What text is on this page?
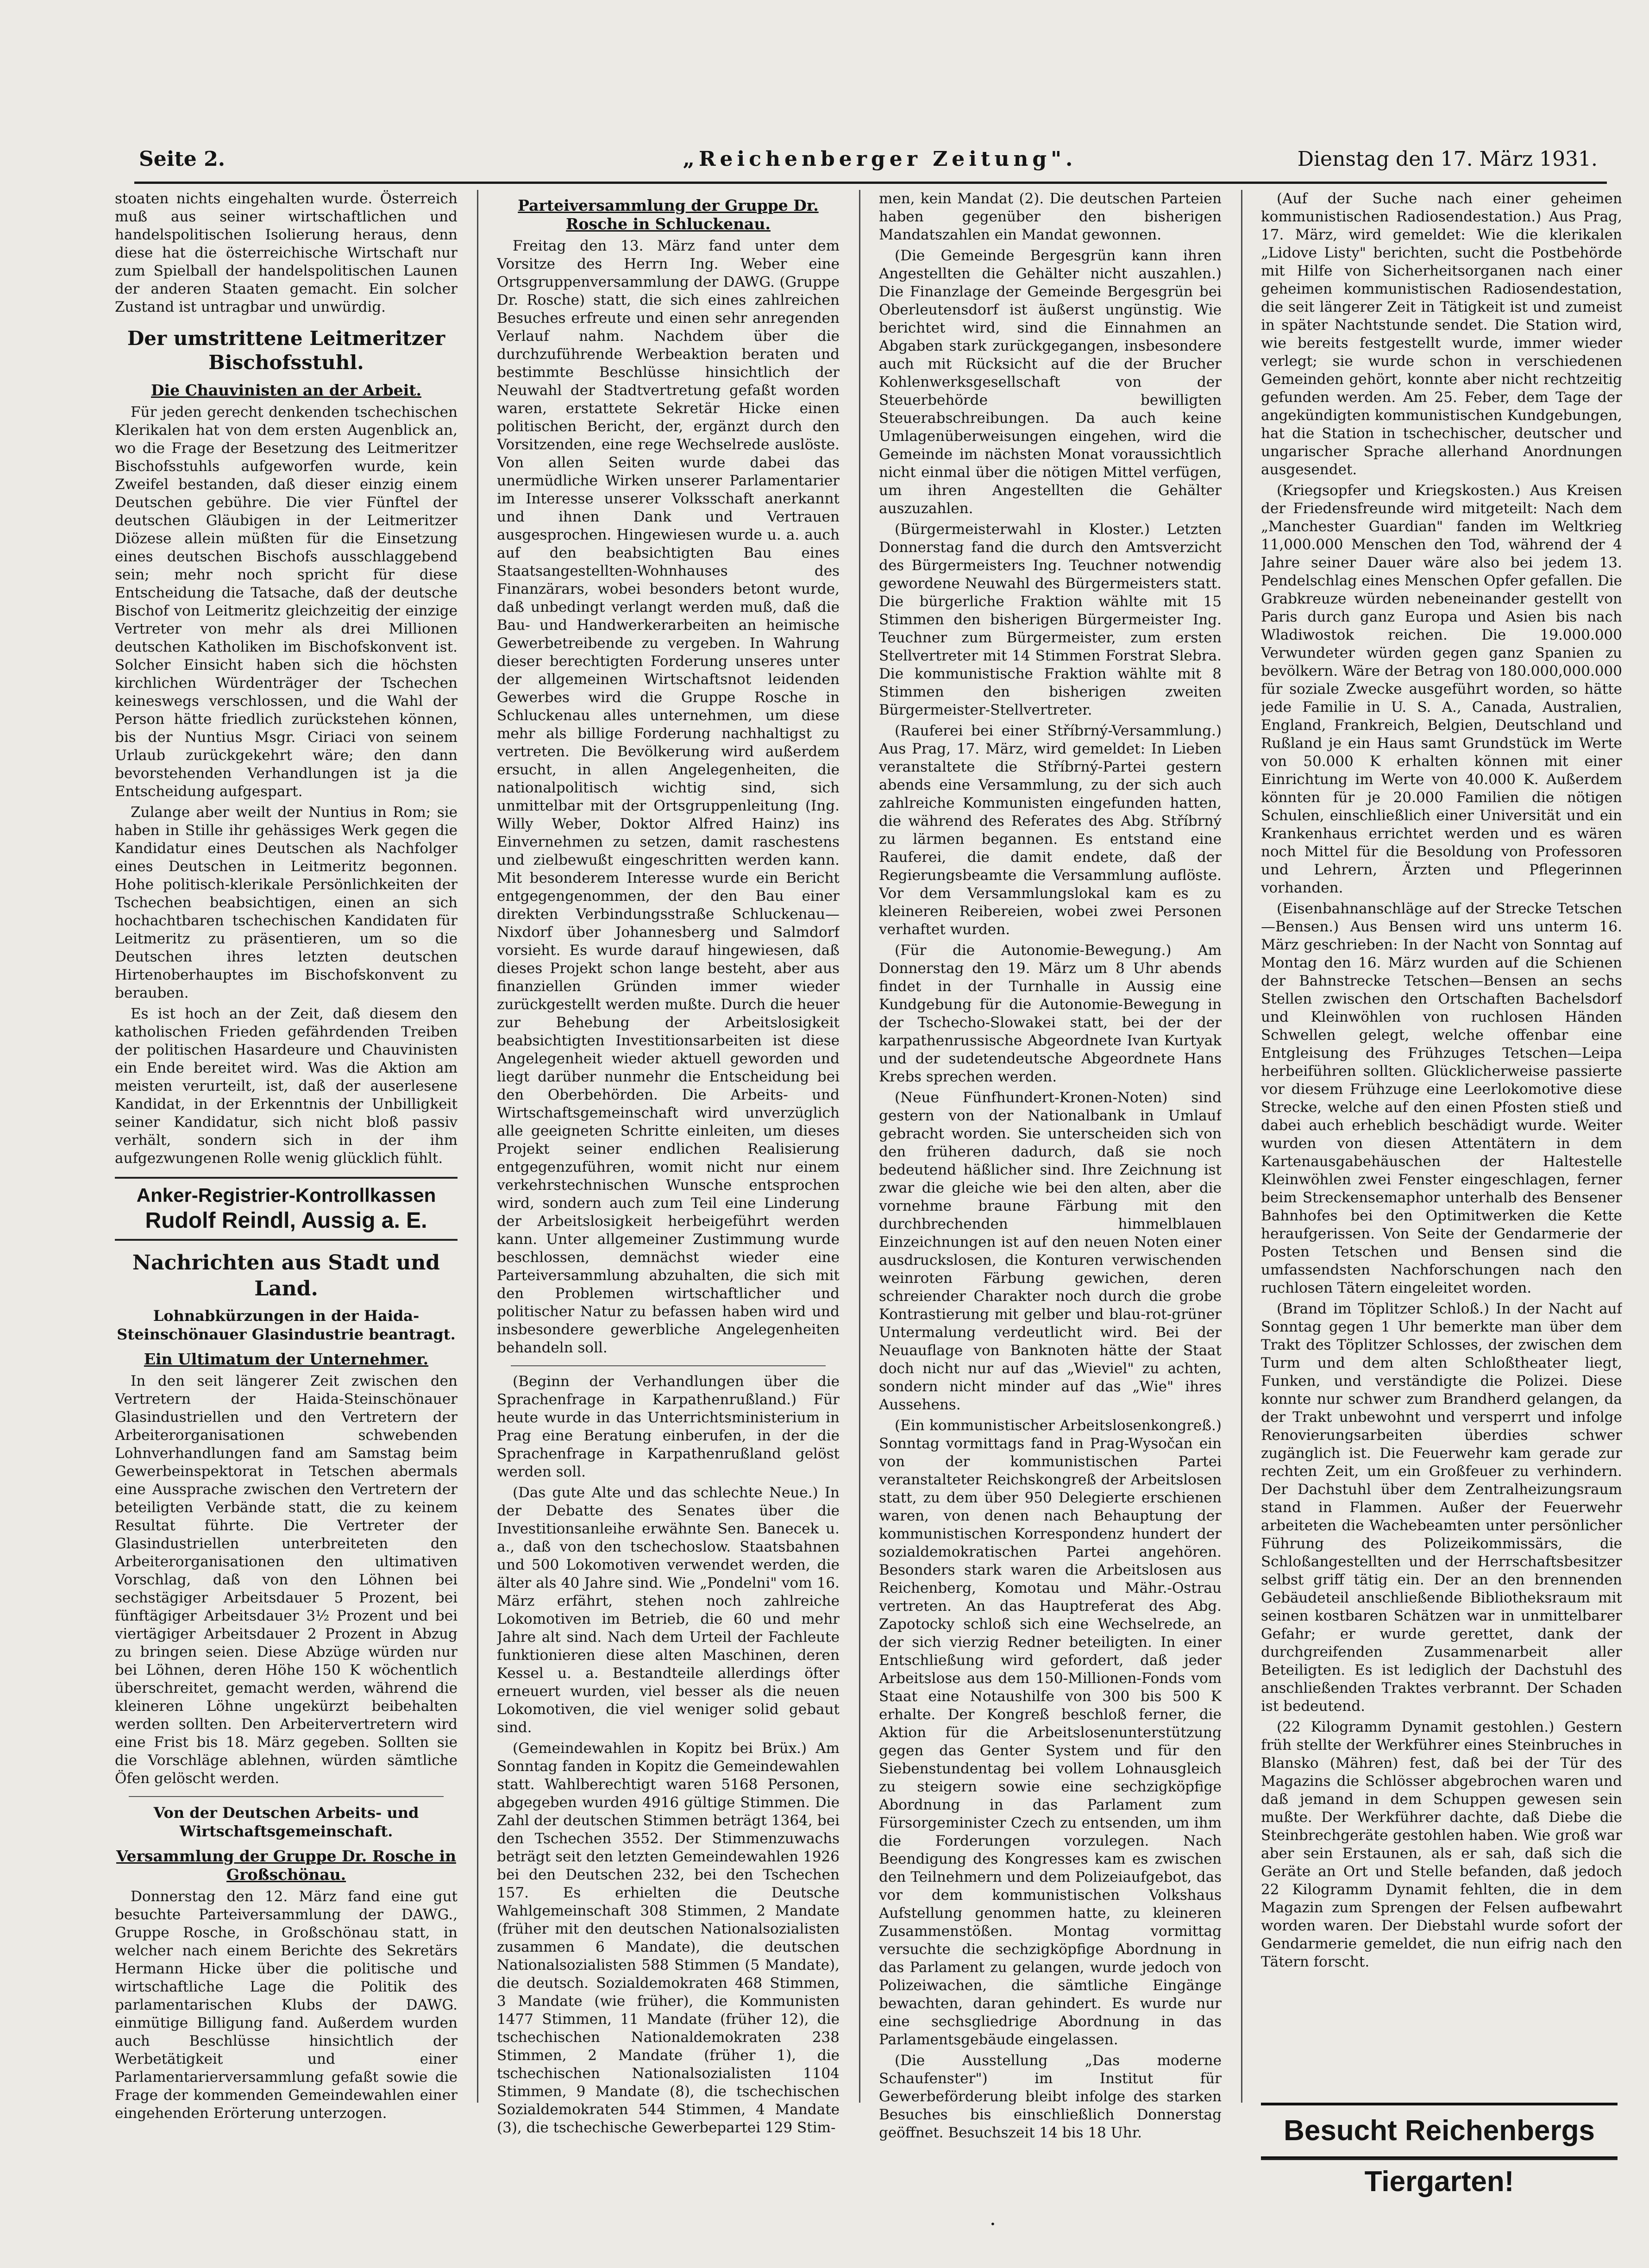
Seite 2.	„Reichenberger Zeitung".	Dienstag den 17. März 1931.

stoaten nichts eingehalten wurde. Österreich muß aus seiner wirtschaftlichen und handelspolitischen Isolierung heraus, denn diese hat die österreichische Wirtschaft nur zum Spielball der handelspolitischen Launen der anderen Staaten gemacht. Ein solcher Zustand ist untragbar und unwürdig.

Der umstrittene Leitmeritzer Bischofsstuhl.
Die Chauvinisten an der Arbeit.

Für jeden gerecht denkenden tschechischen Klerikalen hat von dem ersten Augenblick an, wo die Frage der Besetzung des Leitmeritzer Bischofsstuhls aufgeworfen wurde, kein Zweifel bestanden, daß dieser einzig einem Deutschen gebühre. Die vier Fünftel der deutschen Gläubigen in der Leitmeritzer Diözese allein müßten für die Einsetzung eines deutschen Bischofs ausschlaggebend sein; mehr noch spricht für diese Entscheidung die Tatsache, daß der deutsche Bischof von Leitmeritz gleichzeitig der einzige Vertreter von mehr als drei Millionen deutschen Katholiken im Bischofskonvent ist. Solcher Einsicht haben sich die höchsten kirchlichen Würdenträger der Tschechen keineswegs verschlossen, und die Wahl der Person hätte friedlich zurückstehen können, bis der Nuntius Msgr. Ciriaci von seinem Urlaub zurückgekehrt wäre; den dann bevorstehenden Verhandlungen ist ja die Entscheidung aufgespart.

Zulange aber weilt der Nuntius in Rom; sie haben in Stille ihr gehässiges Werk gegen die Kandidatur eines Deutschen als Nachfolger eines Deutschen in Leitmeritz begonnen. Hohe politisch-klerikale Persönlichkeiten der Tschechen beabsichtigen, einen an sich hochachtbaren tschechischen Kandidaten für Leitmeritz zu präsentieren, um so die Deutschen ihres letzten deutschen Hirtenoberhauptes im Bischofskonvent zu berauben.

Es ist hoch an der Zeit, daß diesem den katholischen Frieden gefährdenden Treiben der politischen Hasardeure und Chauvinisten ein Ende bereitet wird. Was die Aktion am meisten verurteilt, ist, daß der auserlesene Kandidat, in der Erkenntnis der Unbilligkeit seiner Kandidatur, sich nicht bloß passiv verhält, sondern sich in der ihm aufgezwungenen Rolle wenig glücklich fühlt.

Anker-Registrier-Kontrollkassen
Rudolf Reindl, Aussig a. E.
Nachrichten aus Stadt und Land.
Lohnabkürzungen in der Haida-Steinschönauer Glasindustrie beantragt.
Ein Ultimatum der Unternehmer.

In den seit längerer Zeit zwischen den Vertretern der Haida-Steinschönauer Glasindustriellen und den Vertretern der Arbeiterorganisationen schwebenden Lohnverhandlungen fand am Samstag beim Gewerbeinspektorat in Tetschen abermals eine Aussprache zwischen den Vertretern der beteiligten Verbände statt, die zu keinem Resultat führte. Die Vertreter der Glasindustriellen unterbreiteten den Arbeiterorganisationen den ultimativen Vorschlag, daß von den Löhnen bei sechstägiger Arbeitsdauer 5 Prozent, bei fünftägiger Arbeitsdauer 3½ Prozent und bei viertägiger Arbeitsdauer 2 Prozent in Abzug zu bringen seien. Diese Abzüge würden nur bei Löhnen, deren Höhe 150 K wöchentlich überschreitet, gemacht werden, während die kleineren Löhne ungekürzt beibehalten werden sollten. Den Arbeitervertretern wird eine Frist bis 18. März gegeben. Sollten sie die Vorschläge ablehnen, würden sämtliche Öfen gelöscht werden.

Von der Deutschen Arbeits- und Wirtschaftsgemeinschaft.
Versammlung der Gruppe Dr. Rosche in Großschönau.

Donnerstag den 12. März fand eine gut besuchte Parteiversammlung der DAWG., Gruppe Rosche, in Großschönau statt, in welcher nach einem Berichte des Sekretärs Hermann Hicke über die politische und wirtschaftliche Lage die Politik des parlamentarischen Klubs der DAWG. einmütige Billigung fand. Außerdem wurden auch Beschlüsse hinsichtlich der Werbetätigkeit und einer Parlamentarierversammlung gefaßt sowie die Frage der kommenden Gemeindewahlen einer eingehenden Erörterung unterzogen.

Parteiversammlung der Gruppe Dr. Rosche in Schluckenau.

Freitag den 13. März fand unter dem Vorsitze des Herrn Ing. Weber eine Ortsgruppenversammlung der DAWG. (Gruppe Dr. Rosche) statt, die sich eines zahlreichen Besuches erfreute und einen sehr anregenden Verlauf nahm. Nachdem über die durchzuführende Werbeaktion beraten und bestimmte Beschlüsse hinsichtlich der Neuwahl der Stadtvertretung gefaßt worden waren, erstattete Sekretär Hicke einen politischen Bericht, der, ergänzt durch den Vorsitzenden, eine rege Wechselrede auslöste. Von allen Seiten wurde dabei das unermüdliche Wirken unserer Parlamentarier im Interesse unserer Volksschaft anerkannt und ihnen Dank und Vertrauen ausgesprochen. Hingewiesen wurde u. a. auch auf den beabsichtigten Bau eines Staatsangestellten-Wohnhauses des Finanzärars, wobei besonders betont wurde, daß unbedingt verlangt werden muß, daß die Bau- und Handwerkerarbeiten an heimische Gewerbetreibende zu vergeben. In Wahrung dieser berechtigten Forderung unseres unter der allgemeinen Wirtschaftsnot leidenden Gewerbes wird die Gruppe Rosche in Schluckenau alles unternehmen, um diese mehr als billige Forderung nachhaltigst zu vertreten. Die Bevölkerung wird außerdem ersucht, in allen Angelegenheiten, die nationalpolitisch wichtig sind, sich unmittelbar mit der Ortsgruppenleitung (Ing. Willy Weber, Doktor Alfred Hainz) ins Einvernehmen zu setzen, damit raschestens und zielbewußt eingeschritten werden kann. Mit besonderem Interesse wurde ein Bericht entgegengenommen, der den Bau einer direkten Verbindungsstraße Schluckenau—Nixdorf über Johannesberg und Salmdorf vorsieht. Es wurde darauf hingewiesen, daß dieses Projekt schon lange besteht, aber aus finanziellen Gründen immer wieder zurückgestellt werden mußte. Durch die heuer zur Behebung der Arbeitslosigkeit beabsichtigten Investitionsarbeiten ist diese Angelegenheit wieder aktuell geworden und liegt darüber nunmehr die Entscheidung bei den Oberbehörden. Die Arbeits- und Wirtschaftsgemeinschaft wird unverzüglich alle geeigneten Schritte einleiten, um dieses Projekt seiner endlichen Realisierung entgegenzuführen, womit nicht nur einem verkehrstechnischen Wunsche entsprochen wird, sondern auch zum Teil eine Linderung der Arbeitslosigkeit herbeigeführt werden kann. Unter allgemeiner Zustimmung wurde beschlossen, demnächst wieder eine Parteiversammlung abzuhalten, die sich mit den Problemen wirtschaftlicher und politischer Natur zu befassen haben wird und insbesondere gewerbliche Angelegenheiten behandeln soll.

(Beginn der Verhandlungen über die Sprachenfrage in Karpathenrußland.) Für heute wurde in das Unterrichtsministerium in Prag eine Beratung einberufen, in der die Sprachenfrage in Karpathenrußland gelöst werden soll.

(Das gute Alte und das schlechte Neue.) In der Debatte des Senates über die Investitionsanleihe erwähnte Sen. Banecek u. a., daß von den tschechoslow. Staatsbahnen und 500 Lokomotiven verwendet werden, die älter als 40 Jahre sind. Wie „Pondelni" vom 16. März erfährt, stehen noch zahlreiche Lokomotiven im Betrieb, die 60 und mehr Jahre alt sind. Nach dem Urteil der Fachleute funktionieren diese alten Maschinen, deren Kessel u. a. Bestandteile allerdings öfter erneuert wurden, viel besser als die neuen Lokomotiven, die viel weniger solid gebaut sind.

(Gemeindewahlen in Kopitz bei Brüx.) Am Sonntag fanden in Kopitz die Gemeindewahlen statt. Wahlberechtigt waren 5168 Personen, abgegeben wurden 4916 gültige Stimmen. Die Zahl der deutschen Stimmen beträgt 1364, bei den Tschechen 3552. Der Stimmenzuwachs beträgt seit den letzten Gemeindewahlen 1926 bei den Deutschen 232, bei den Tschechen 157. Es erhielten die Deutsche Wahlgemeinschaft 308 Stimmen, 2 Mandate (früher mit den deutschen Nationalsozialisten zusammen 6 Mandate), die deutschen Nationalsozialisten 588 Stimmen (5 Mandate), die deutsch. Sozialdemokraten 468 Stimmen, 3 Mandate (wie früher), die Kommunisten 1477 Stimmen, 11 Mandate (früher 12), die tschechischen Nationaldemokraten 238 Stimmen, 2 Mandate (früher 1), die tschechischen Nationalsozialisten 1104 Stimmen, 9 Mandate (8), die tschechischen Sozialdemokraten 544 Stimmen, 4 Mandate (3), die tschechische Gewerbepartei 129 Stim-

men, kein Mandat (2). Die deutschen Parteien haben gegenüber den bisherigen Mandatszahlen ein Mandat gewonnen.

(Die Gemeinde Bergesgrün kann ihren Angestellten die Gehälter nicht auszahlen.) Die Finanzlage der Gemeinde Bergesgrün bei Oberleutensdorf ist äußerst ungünstig. Wie berichtet wird, sind die Einnahmen an Abgaben stark zurückgegangen, insbesondere auch mit Rücksicht auf die der Brucher Kohlenwerksgesellschaft von der Steuerbehörde bewilligten Steuerabschreibungen. Da auch keine Umlagenüberweisungen eingehen, wird die Gemeinde im nächsten Monat voraussichtlich nicht einmal über die nötigen Mittel verfügen, um ihren Angestellten die Gehälter auszuzahlen.

(Bürgermeisterwahl in Kloster.) Letzten Donnerstag fand die durch den Amtsverzicht des Bürgermeisters Ing. Teuchner notwendig gewordene Neuwahl des Bürgermeisters statt. Die bürgerliche Fraktion wählte mit 15 Stimmen den bisherigen Bürgermeister Ing. Teuchner zum Bürgermeister, zum ersten Stellvertreter mit 14 Stimmen Forstrat Slebra. Die kommunistische Fraktion wählte mit 8 Stimmen den bisherigen zweiten Bürgermeister-Stellvertreter.

(Rauferei bei einer Stříbrný-Versammlung.) Aus Prag, 17. März, wird gemeldet: In Lieben veranstaltete die Stříbrný-Partei gestern abends eine Versammlung, zu der sich auch zahlreiche Kommunisten eingefunden hatten, die während des Referates des Abg. Stříbrný zu lärmen begannen. Es entstand eine Rauferei, die damit endete, daß der Regierungsbeamte die Versammlung auflöste. Vor dem Versammlungslokal kam es zu kleineren Reibereien, wobei zwei Personen verhaftet wurden.

(Für die Autonomie-Bewegung.) Am Donnerstag den 19. März um 8 Uhr abends findet in der Turnhalle in Aussig eine Kundgebung für die Autonomie-Bewegung in der Tschecho-Slowakei statt, bei der der karpathenrussische Abgeordnete Ivan Kurtyak und der sudetendeutsche Abgeordnete Hans Krebs sprechen werden.

(Neue Fünfhundert-Kronen-Noten) sind gestern von der Nationalbank in Umlauf gebracht worden. Sie unterscheiden sich von den früheren dadurch, daß sie noch bedeutend häßlicher sind. Ihre Zeichnung ist zwar die gleiche wie bei den alten, aber die vornehme braune Färbung mit den durchbrechenden himmelblauen Einzeichnungen ist auf den neuen Noten einer ausdruckslosen, die Konturen verwischenden weinroten Färbung gewichen, deren schreiender Charakter noch durch die grobe Kontrastierung mit gelber und blau-rot-grüner Untermalung verdeutlicht wird. Bei der Neuauflage von Banknoten hätte der Staat doch nicht nur auf das „Wieviel" zu achten, sondern nicht minder auf das „Wie" ihres Aussehens.

(Ein kommunistischer Arbeitslosenkongreß.) Sonntag vormittags fand in Prag-Wysočan ein von der kommunistischen Partei veranstalteter Reichskongreß der Arbeitslosen statt, zu dem über 950 Delegierte erschienen waren, von denen nach Behauptung der kommunistischen Korrespondenz hundert der sozialdemokratischen Partei angehören. Besonders stark waren die Arbeitslosen aus Reichenberg, Komotau und Mähr.-Ostrau vertreten. An das Hauptreferat des Abg. Zapotocky schloß sich eine Wechselrede, an der sich vierzig Redner beteiligten. In einer Entschließung wird gefordert, daß jeder Arbeitslose aus dem 150-Millionen-Fonds vom Staat eine Notaushilfe von 300 bis 500 K erhalte. Der Kongreß beschloß ferner, die Aktion für die Arbeitslosenunterstützung gegen das Genter System und für den Siebenstundentag bei vollem Lohnausgleich zu steigern sowie eine sechzigköpfige Abordnung in das Parlament zum Fürsorgeminister Czech zu entsenden, um ihm die Forderungen vorzulegen. Nach Beendigung des Kongresses kam es zwischen den Teilnehmern und dem Polizeiaufgebot, das vor dem kommunistischen Volkshaus Aufstellung genommen hatte, zu kleineren Zusammenstößen. Montag vormittag versuchte die sechzigköpfige Abordnung in das Parlament zu gelangen, wurde jedoch von Polizeiwachen, die sämtliche Eingänge bewachten, daran gehindert. Es wurde nur eine sechsgliedrige Abordnung in das Parlamentsgebäude eingelassen.

(Die Ausstellung „Das moderne Schaufenster") im Institut für Gewerbeförderung bleibt infolge des starken Besuches bis einschließlich Donnerstag geöffnet. Besuchszeit 14 bis 18 Uhr.

(Auf der Suche nach einer geheimen kommunistischen Radiosendestation.) Aus Prag, 17. März, wird gemeldet: Wie die klerikalen „Lidove Listy" berichten, sucht die Postbehörde mit Hilfe von Sicherheitsorganen nach einer geheimen kommunistischen Radiosendestation, die seit längerer Zeit in Tätigkeit ist und zumeist in später Nachtstunde sendet. Die Station wird, wie bereits festgestellt wurde, immer wieder verlegt; sie wurde schon in verschiedenen Gemeinden gehört, konnte aber nicht rechtzeitig gefunden werden. Am 25. Feber, dem Tage der angekündigten kommunistischen Kundgebungen, hat die Station in tschechischer, deutscher und ungarischer Sprache allerhand Anordnungen ausgesendet.

(Kriegsopfer und Kriegskosten.) Aus Kreisen der Friedensfreunde wird mitgeteilt: Nach dem „Manchester Guardian" fanden im Weltkrieg 11,000.000 Menschen den Tod, während der 4 Jahre seiner Dauer wäre also bei jedem 13. Pendelschlag eines Menschen Opfer gefallen. Die Grabkreuze würden nebeneinander gestellt von Paris durch ganz Europa und Asien bis nach Wladiwostok reichen. Die 19.000.000 Verwundeter würden gegen ganz Spanien zu bevölkern. Wäre der Betrag von 180.000,000.000 für soziale Zwecke ausgeführt worden, so hätte jede Familie in U. S. A., Canada, Australien, England, Frankreich, Belgien, Deutschland und Rußland je ein Haus samt Grundstück im Werte von 50.000 K erhalten können mit einer Einrichtung im Werte von 40.000 K. Außerdem könnten für je 20.000 Familien die nötigen Schulen, einschließlich einer Universität und ein Krankenhaus errichtet werden und es wären noch Mittel für die Besoldung von Professoren und Lehrern, Ärzten und Pflegerinnen vorhanden.

(Eisenbahnanschläge auf der Strecke Tetschen—Bensen.) Aus Bensen wird uns unterm 16. März geschrieben: In der Nacht von Sonntag auf Montag den 16. März wurden auf die Schienen der Bahnstrecke Tetschen—Bensen an sechs Stellen zwischen den Ortschaften Bachelsdorf und Kleinwöhlen von ruchlosen Händen Schwellen gelegt, welche offenbar eine Entgleisung des Frühzuges Tetschen—Leipa herbeiführen sollten. Glücklicherweise passierte vor diesem Frühzuge eine Leerlokomotive diese Strecke, welche auf den einen Pfosten stieß und dabei auch erheblich beschädigt wurde. Weiter wurden von diesen Attentätern in dem Kartenausgabehäuschen der Haltestelle Kleinwöhlen zwei Fenster eingeschlagen, ferner beim Streckensemaphor unterhalb des Bensener Bahnhofes bei den Optimitwerken die Kette heraufgerissen. Von Seite der Gendarmerie der Posten Tetschen und Bensen sind die umfassendsten Nachforschungen nach den ruchlosen Tätern eingeleitet worden.

(Brand im Töplitzer Schloß.) In der Nacht auf Sonntag gegen 1 Uhr bemerkte man über dem Trakt des Töplitzer Schlosses, der zwischen dem Turm und dem alten Schloßtheater liegt, Funken, und verständigte die Polizei. Diese konnte nur schwer zum Brandherd gelangen, da der Trakt unbewohnt und versperrt und infolge Renovierungsarbeiten überdies schwer zugänglich ist. Die Feuerwehr kam gerade zur rechten Zeit, um ein Großfeuer zu verhindern. Der Dachstuhl über dem Zentralheizungsraum stand in Flammen. Außer der Feuerwehr arbeiteten die Wachebeamten unter persönlicher Führung des Polizeikommissärs, die Schloßangestellten und der Herrschaftsbesitzer selbst griff tätig ein. Der an den brennenden Gebäudeteil anschließende Bibliotheksraum mit seinen kostbaren Schätzen war in unmittelbarer Gefahr; er wurde gerettet, dank der durchgreifenden Zusammenarbeit aller Beteiligten. Es ist lediglich der Dachstuhl des anschließenden Traktes verbrannt. Der Schaden ist bedeutend.

(22 Kilogramm Dynamit gestohlen.) Gestern früh stellte der Werkführer eines Steinbruches in Blansko (Mähren) fest, daß bei der Tür des Magazins die Schlösser abgebrochen waren und daß jemand in dem Schuppen gewesen sein mußte. Der Werkführer dachte, daß Diebe die Steinbrechgeräte gestohlen haben. Wie groß war aber sein Erstaunen, als er sah, daß sich die Geräte an Ort und Stelle befanden, daß jedoch 22 Kilogramm Dynamit fehlten, die in dem Magazin zum Sprengen der Felsen aufbewahrt worden waren. Der Diebstahl wurde sofort der Gendarmerie gemeldet, die nun eifrig nach den Tätern forscht.

Besucht Reichenbergs Tiergarten!
•
